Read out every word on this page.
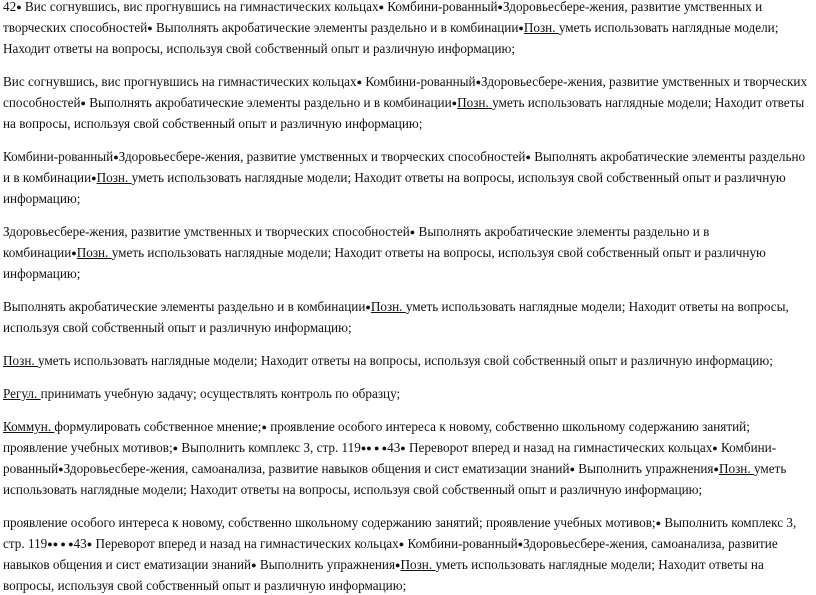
42● Вис согнувшись, вис прогнувшись на гимнастических кольцах● Комбини-рованный●Здоровьесбере-жения, развитие умственных и творческих способностей● Выполнять акробатические элементы раздельно и в комбинации●Позн. уметь использовать наглядные модели; Находит ответы на вопросы, используя свой собственный опыт и различную информацию;

Вис согнувшись, вис прогнувшись на гимнастических кольцах● Комбини-рованный●Здоровьесбере-жения, развитие умственных и творческих способностей● Выполнять акробатические элементы раздельно и в комбинации●Позн. уметь использовать наглядные модели; Находит ответы на вопросы, используя свой собственный опыт и различную информацию;

Комбини-рованный●Здоровьесбере-жения, развитие умственных и творческих способностей● Выполнять акробатические элементы раздельно и в комбинации●Позн. уметь использовать наглядные модели; Находит ответы на вопросы, используя свой собственный опыт и различную информацию;

Здоровьесбере-жения, развитие умственных и творческих способностей● Выполнять акробатические элементы раздельно и в комбинации●Позн. уметь использовать наглядные модели; Находит ответы на вопросы, используя свой собственный опыт и различную информацию;

Выполнять акробатические элементы раздельно и в комбинации●Позн. уметь использовать наглядные модели; Находит ответы на вопросы, используя свой собственный опыт и различную информацию;

Позн. уметь использовать наглядные модели; Находит ответы на вопросы, используя свой собственный опыт и различную информацию;

Регул. принимать учебную задачу; осуществлять контроль по образцу;

Коммун. формулировать собственное мнение;● проявление особого интереса к новому, собственно школьному содержанию занятий; проявление учебных мотивов;● Выполнить комплекс 3, стр. 119●● ● ●43● Переворот вперед и назад на гимнастических кольцах● Комбини-рованный●Здоровьесбере-жения, самоанализа, развитие навыков общения и сист ематизации знаний● Выполнить упражнения●Позн. уметь использовать наглядные модели; Находит ответы на вопросы, используя свой собственный опыт и различную информацию;

проявление особого интереса к новому, собственно школьному содержанию занятий; проявление учебных мотивов;● Выполнить комплекс 3, стр. 119●● ● ●43● Переворот вперед и назад на гимнастических кольцах● Комбини-рованный●Здоровьесбере-жения, самоанализа, развитие навыков общения и сист ематизации знаний● Выполнить упражнения●Позн. уметь использовать наглядные модели; Находит ответы на вопросы, используя свой собственный опыт и различную информацию;
